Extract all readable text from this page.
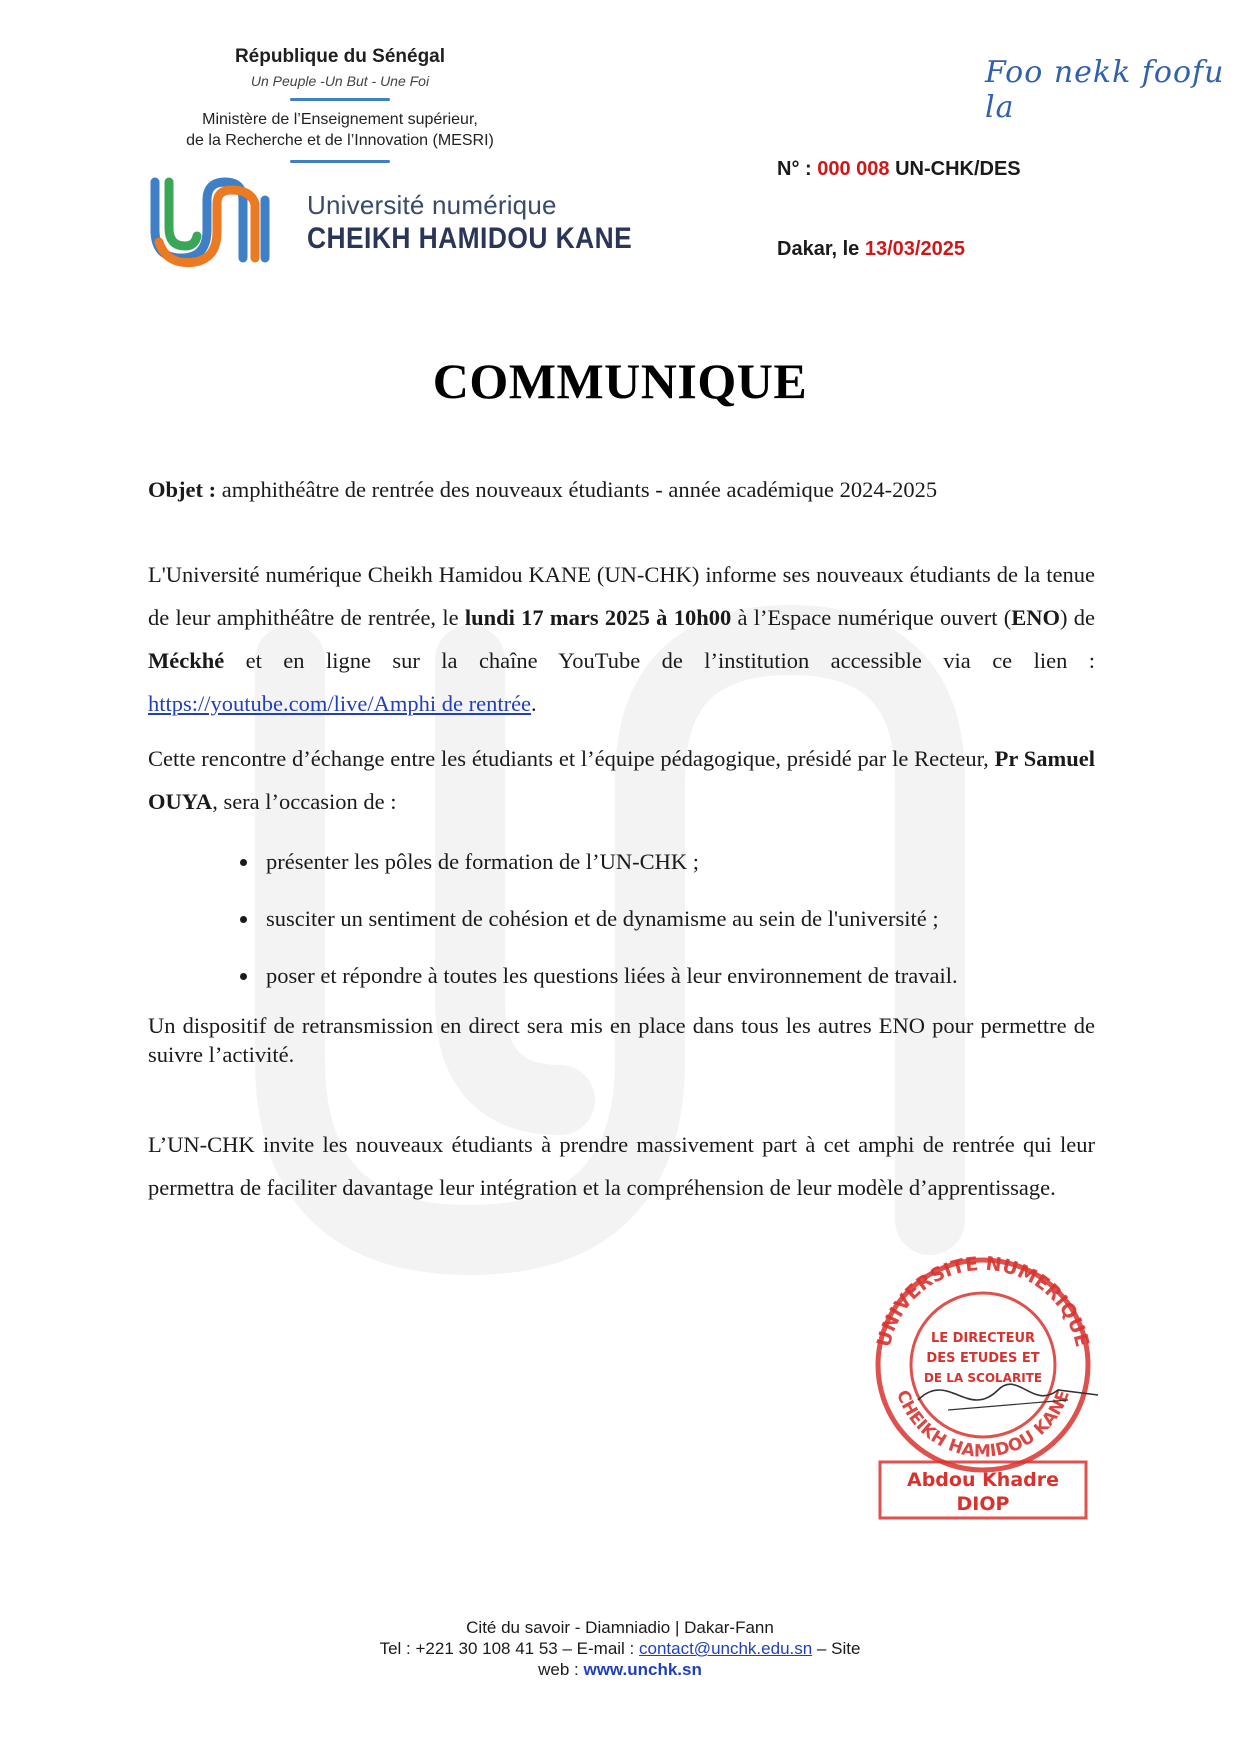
République du Sénégal
Un Peuple -Un But - Une Foi
Ministère de l’Enseignement supérieur,
de la Recherche et de l’Innovation (MESRI)
Université numérique
CHEIKH HAMIDOU KANE
Foo nekk foofu la
N° : 000 008 UN-CHK/DES
Dakar, le 13/03/2025
COMMUNIQUE
Objet : amphithéâtre de rentrée des nouveaux étudiants - année académique 2024-2025
L'Université numérique Cheikh Hamidou KANE (UN-CHK) informe ses nouveaux étudiants de la tenue de leur amphithéâtre de rentrée, le lundi 17 mars 2025 à 10h00 à l’Espace numérique ouvert (ENO) de Méckhé et en ligne sur la chaîne YouTube de l’institution accessible via ce lien : https://youtube.com/live/Amphi de rentrée.
Cette rencontre d’échange entre les étudiants et l’équipe pédagogique, présidé par le Recteur, Pr Samuel OUYA, sera l’occasion de :
• présenter les pôles de formation de l’UN-CHK ;
• susciter un sentiment de cohésion et de dynamisme au sein de l'université ;
• poser et répondre à toutes les questions liées à leur environnement de travail.
Un dispositif de retransmission en direct sera mis en place dans tous les autres ENO pour permettre de suivre l’activité.
L’UN-CHK invite les nouveaux étudiants à prendre massivement part à cet amphi de rentrée qui leur permettra de faciliter davantage leur intégration et la compréhension de leur modèle d’apprentissage.
UNIVERSITE NUMERIQUE
CHEIKH HAMIDOU KANE
LE DIRECTEUR
DES ETUDES ET
DE LA SCOLARITE
Abdou Khadre
DIOP
Cité du savoir - Diamniadio | Dakar-Fann
Tel : +221 30 108 41 53 – E-mail : contact@unchk.edu.sn – Site
web : www.unchk.sn
